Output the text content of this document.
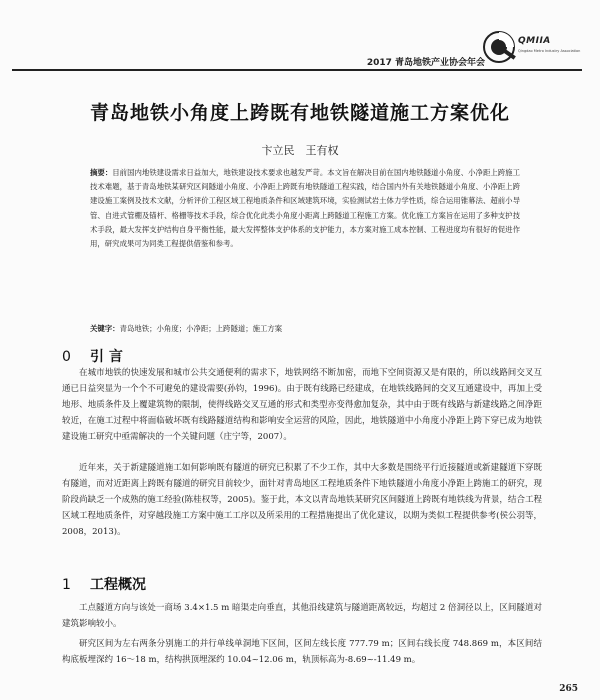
2017 青岛地铁产业协会年会
QMIIA
Qingdao Metro Industry Association
青岛地铁小角度上跨既有地铁隧道施工方案优化
卞立民　王有权
摘要：目前国内地铁建设需求日益加大，地铁建设技术要求也越发严苛。本文旨在解决目前在国内地铁隧道小角度、小净距上跨施工技术难题，基于青岛地铁某研究区间隧道小角度、小净距上跨既有地铁隧道工程实践，结合国内外有关地铁隧道小角度、小净距上跨建设施工案例及技术文献，分析评价工程区域工程地质条件和区域建筑环境，实验测试岩土体力学性质，综合运用锥幕法、超前小导管、自进式管棚及锚杆、格栅等技术手段，综合优化此类小角度小距离上跨隧道工程施工方案。优化施工方案旨在运用了多种支护技术手段，最大发挥支护结构自身平衡性能，最大发挥整体支护体系的支护能力，本方案对施工成本控制、工程进度均有很好的促进作用，研究成果可为同类工程提供借鉴和参考。
关键字：青岛地铁；小角度；小净距；上跨隧道；施工方案
0 引 言

在城市地铁的快速发展和城市公共交通便利的需求下，地铁网络不断加密，而地下空间资源又是有限的，所以线路间交叉互通已日益突显为一个个不可避免的建设需要(孙钧，1996)。由于既有线路已经建成，在地铁线路间的交叉互通建设中，再加上受地形、地质条件及上覆建筑物的限制，使得线路交叉互通的形式和类型亦变得愈加复杂，其中由于既有线路与新建线路之间净距较近，在施工过程中将面临破坏既有线路隧道结构和影响安全运营的风险，因此，地铁隧道中小角度小净距上跨下穿已成为地铁建设施工研究中亟需解决的一个关键问题（庄宁等，2007）。

近年来，关于新建隧道施工如何影响既有隧道的研究已积累了不少工作，其中大多数是围绕平行近接隧道或新建隧道下穿既有隧道，而对近距离上跨既有隧道的研究目前较少，面针对青岛地区工程地质条件下地铁隧道小角度小净距上跨施工的研究，现阶段尚缺乏一个成熟的施工经验(陈桂权等，2005)。鉴于此，本文以青岛地铁某研究区间隧道上跨既有地铁线为背景，结合工程区域工程地质条件，对穿越段施工方案中施工工序以及所采用的工程措施提出了优化建议，以期为类似工程提供参考(侯公羽等，2008，2013)。

1 工程概况

工点隧道方向与该处一商场 3.4×1.5 m 暗渠走向垂直，其他沿线建筑与隧道距离较远，均超过 2 倍洞径以上，区间隧道对建筑影响较小。

研究区间为左右两条分别施工的并行单线单洞地下区间，区间左线长度 777.79 m；区间右线长度 748.869 m，本区间结构底板埋深约 16～18 m，结构拱顶埋深约 10.04~12.06 m，轨顶标高为-8.69~-11.49 m。

265
